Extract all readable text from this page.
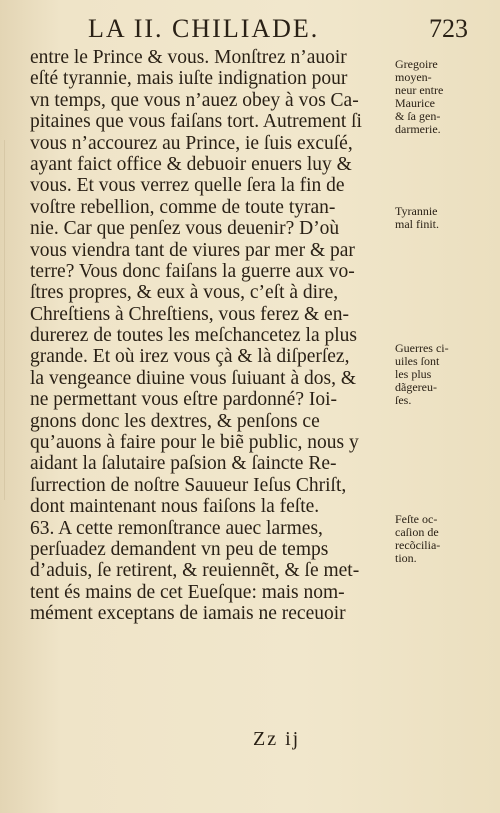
LA II. CHILIADE.	723
entre le Prince & vous. Monſtrez n’auoir
eſté tyrannie, mais iuſte indignation pour
vn temps, que vous n’auez obey à vos Ca-
pitaines que vous faiſans tort. Autrement ſi
vous n’accourez au Prince, ie ſuis excuſé,
ayant faict office & debuoir enuers luy &
vous. Et vous verrez quelle ſera la fin de
voſtre rebellion, comme de toute tyran-
nie. Car que penſez vous deuenir? D’où
vous viendra tant de viures par mer & par
terre? Vous donc faiſans la guerre aux vo-
ſtres propres, & eux à vous, c’eſt à dire,
Chreſtiens à Chreſtiens, vous ferez & en-
durerez de toutes les meſchancetez la plus
grande. Et où irez vous çà & là diſperſez,
la vengeance diuine vous ſuiuant à dos, &
ne permettant vous eſtre pardonné? Ioi-
gnons donc les dextres, & penſons ce
qu’auons à faire pour le biẽ public, nous y
aidant la ſalutaire paſsion & ſaincte Re-
ſurrection de noſtre Sauueur Ieſus Chriſt,
dont maintenant nous faiſons la feſte.
63. A cette remonſtrance auec larmes,
perſuadez demandent vn peu de temps
d’aduis, ſe retirent, & reuiennẽt, & ſe met-
tent és mains de cet Eueſque: mais nom-
mément exceptans de iamais ne receuoir
Gregoire
moyen-
neur entre
Maurice
& ſa gen-
darmerie.
Tyrannie
mal finit.
Guerres ci-
uiles ſont
les plus
dãgereu-
ſes.
Feſte oc-
caſion de
recõcilia-
tion.
Zz ij
